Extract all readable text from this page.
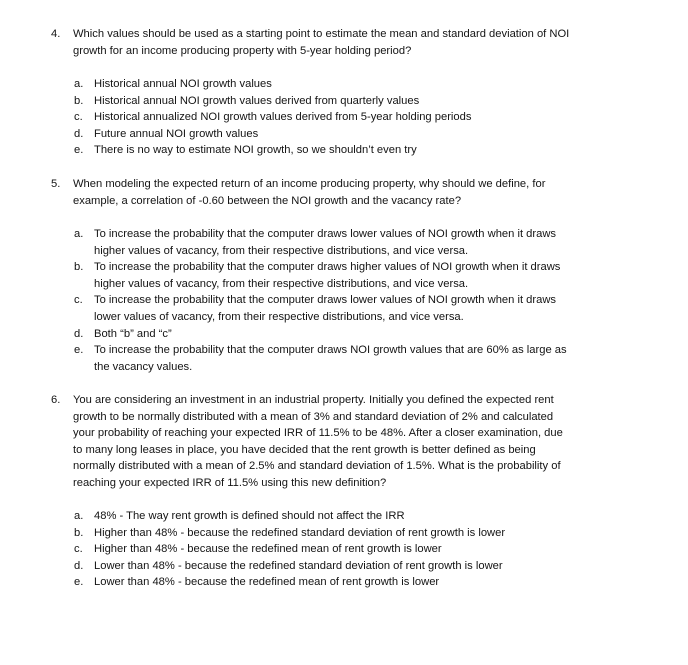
4. Which values should be used as a starting point to estimate the mean and standard deviation of NOI growth for an income producing property with 5-year holding period?
a. Historical annual NOI growth values
b. Historical annual NOI growth values derived from quarterly values
c. Historical annualized NOI growth values derived from 5-year holding periods
d. Future annual NOI growth values
e. There is no way to estimate NOI growth, so we shouldn’t even try
5. When modeling the expected return of an income producing property, why should we define, for example, a correlation of -0.60 between the NOI growth and the vacancy rate?
a. To increase the probability that the computer draws lower values of NOI growth when it draws higher values of vacancy, from their respective distributions, and vice versa.
b. To increase the probability that the computer draws higher values of NOI growth when it draws higher values of vacancy, from their respective distributions, and vice versa.
c. To increase the probability that the computer draws lower values of NOI growth when it draws lower values of vacancy, from their respective distributions, and vice versa.
d. Both “b” and “c”
e. To increase the probability that the computer draws NOI growth values that are 60% as large as the vacancy values.
6. You are considering an investment in an industrial property. Initially you defined the expected rent growth to be normally distributed with a mean of 3% and standard deviation of 2% and calculated your probability of reaching your expected IRR of 11.5% to be 48%. After a closer examination, due to many long leases in place, you have decided that the rent growth is better defined as being normally distributed with a mean of 2.5% and standard deviation of 1.5%. What is the probability of reaching your expected IRR of 11.5% using this new definition?
a. 48% - The way rent growth is defined should not affect the IRR
b. Higher than 48% - because the redefined standard deviation of rent growth is lower
c. Higher than 48% - because the redefined mean of rent growth is lower
d. Lower than 48% - because the redefined standard deviation of rent growth is lower
e. Lower than 48% - because the redefined mean of rent growth is lower
